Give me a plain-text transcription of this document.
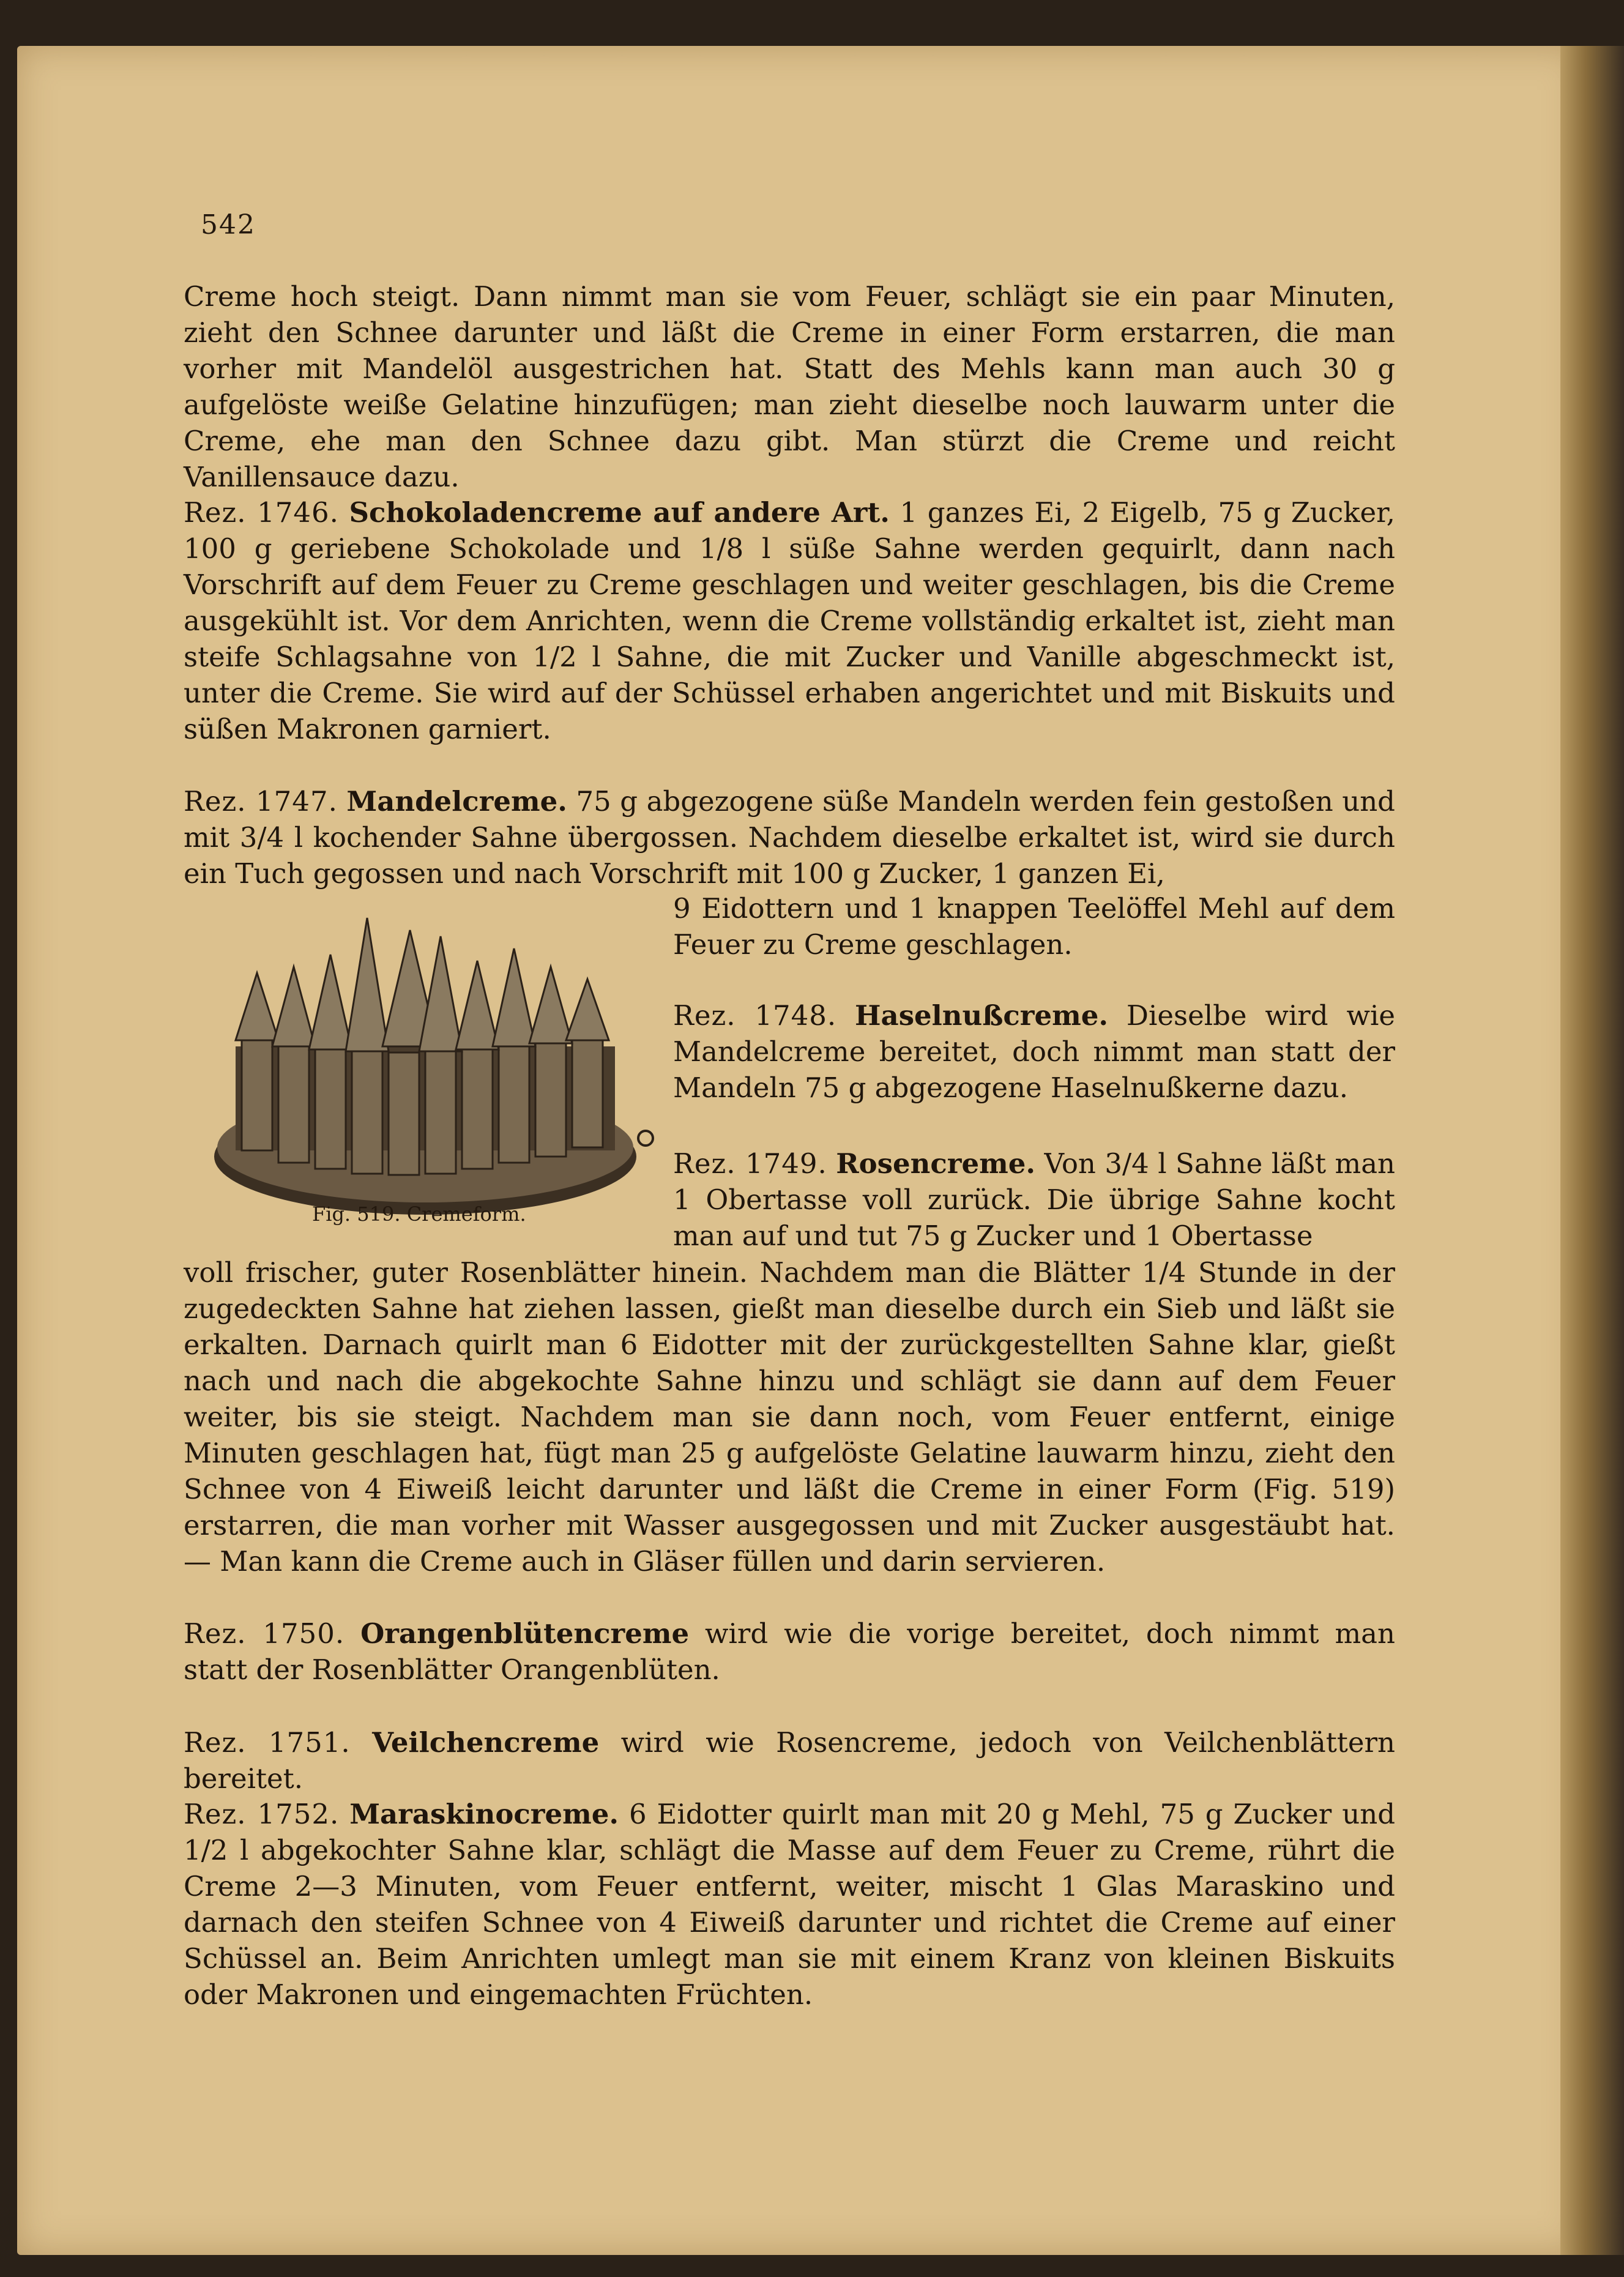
542

Creme hoch steigt. Dann nimmt man sie vom Feuer, schlägt sie ein paar Minuten, zieht den Schnee darunter und läßt die Creme in einer Form erstarren, die man vorher mit Mandelöl ausgestrichen hat. Statt des Mehls kann man auch 30 g aufgelöste weiße Gelatine hinzufügen; man zieht dieselbe noch lauwarm unter die Creme, ehe man den Schnee dazu gibt. Man stürzt die Creme und reicht Vanillensauce dazu.

Rez. 1746. Schokoladencreme auf andere Art. 1 ganzes Ei, 2 Eigelb, 75 g Zucker, 100 g geriebene Schokolade und 1/8 l süße Sahne werden gequirlt, dann nach Vorschrift auf dem Feuer zu Creme geschlagen und weiter geschlagen, bis die Creme ausgekühlt ist. Vor dem Anrichten, wenn die Creme vollständig erkaltet ist, zieht man steife Schlagsahne von 1/2 l Sahne, die mit Zucker und Vanille abgeschmeckt ist, unter die Creme. Sie wird auf der Schüssel erhaben angerichtet und mit Biskuits und süßen Makronen garniert.

Rez. 1747. Mandelcreme. 75 g abgezogene süße Mandeln werden fein gestoßen und mit 3/4 l kochender Sahne übergossen. Nachdem dieselbe erkaltet ist, wird sie durch ein Tuch gegossen und nach Vorschrift mit 100 g Zucker, 1 ganzen Ei,

Fig. 519. Cremeform.

9 Eidottern und 1 knappen Teelöffel Mehl auf dem Feuer zu Creme geschlagen.

Rez. 1748. Haselnußcreme. Dieselbe wird wie Mandelcreme bereitet, doch nimmt man statt der Mandeln 75 g abgezogene Haselnußkerne dazu.

Rez. 1749. Rosencreme. Von 3/4 l Sahne läßt man 1 Obertasse voll zurück. Die übrige Sahne kocht man auf und tut 75 g Zucker und 1 Obertasse

voll frischer, guter Rosenblätter hinein. Nachdem man die Blätter 1/4 Stunde in der zugedeckten Sahne hat ziehen lassen, gießt man dieselbe durch ein Sieb und läßt sie erkalten. Darnach quirlt man 6 Eidotter mit der zurückgestellten Sahne klar, gießt nach und nach die abgekochte Sahne hinzu und schlägt sie dann auf dem Feuer weiter, bis sie steigt. Nachdem man sie dann noch, vom Feuer entfernt, einige Minuten geschlagen hat, fügt man 25 g aufgelöste Gelatine lauwarm hinzu, zieht den Schnee von 4 Eiweiß leicht darunter und läßt die Creme in einer Form (Fig. 519) erstarren, die man vorher mit Wasser ausgegossen und mit Zucker ausgestäubt hat. — Man kann die Creme auch in Gläser füllen und darin servieren.

Rez. 1750. Orangenblütencreme wird wie die vorige bereitet, doch nimmt man statt der Rosenblätter Orangenblüten.

Rez. 1751. Veilchencreme wird wie Rosencreme, jedoch von Veilchenblättern bereitet.

Rez. 1752. Maraskinocreme. 6 Eidotter quirlt man mit 20 g Mehl, 75 g Zucker und 1/2 l abgekochter Sahne klar, schlägt die Masse auf dem Feuer zu Creme, rührt die Creme 2—3 Minuten, vom Feuer entfernt, weiter, mischt 1 Glas Maraskino und darnach den steifen Schnee von 4 Eiweiß darunter und richtet die Creme auf einer Schüssel an. Beim Anrichten umlegt man sie mit einem Kranz von kleinen Biskuits oder Makronen und eingemachten Früchten.
